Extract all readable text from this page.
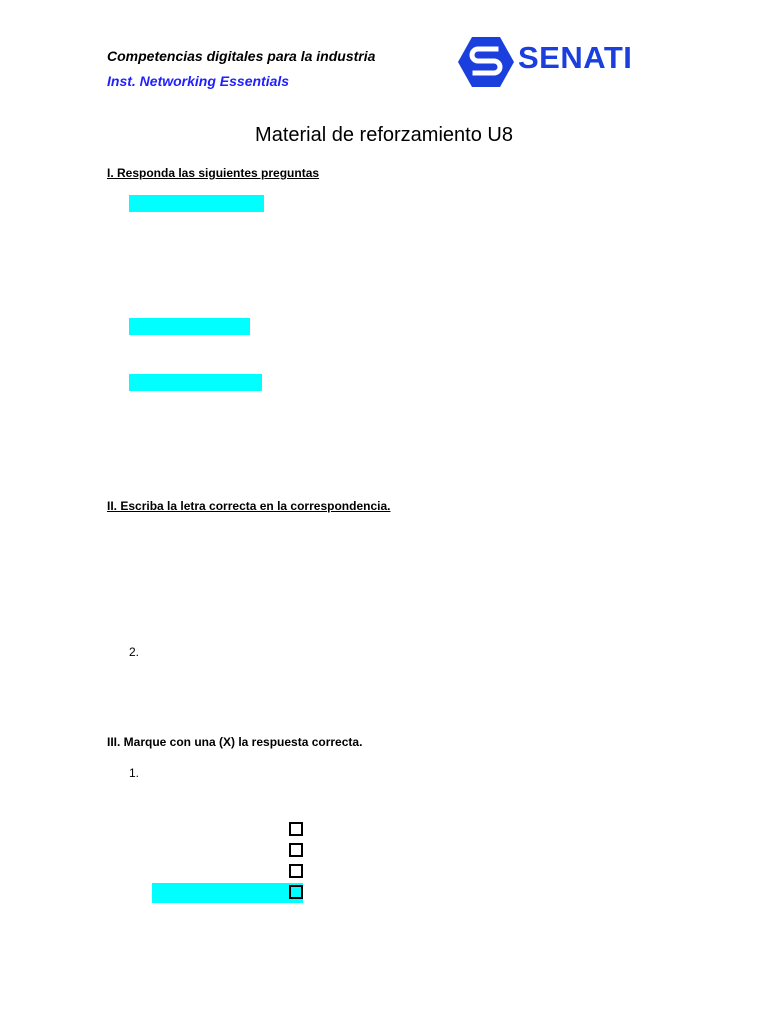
Competencias digitales para la industria
Inst. Networking Essentials
SENATI
Material de reforzamiento U8
I. Responda las siguientes preguntas
II. Escriba la letra correcta en la correspondencia.
2.
III. Marque con una (X) la respuesta correcta.
1.
